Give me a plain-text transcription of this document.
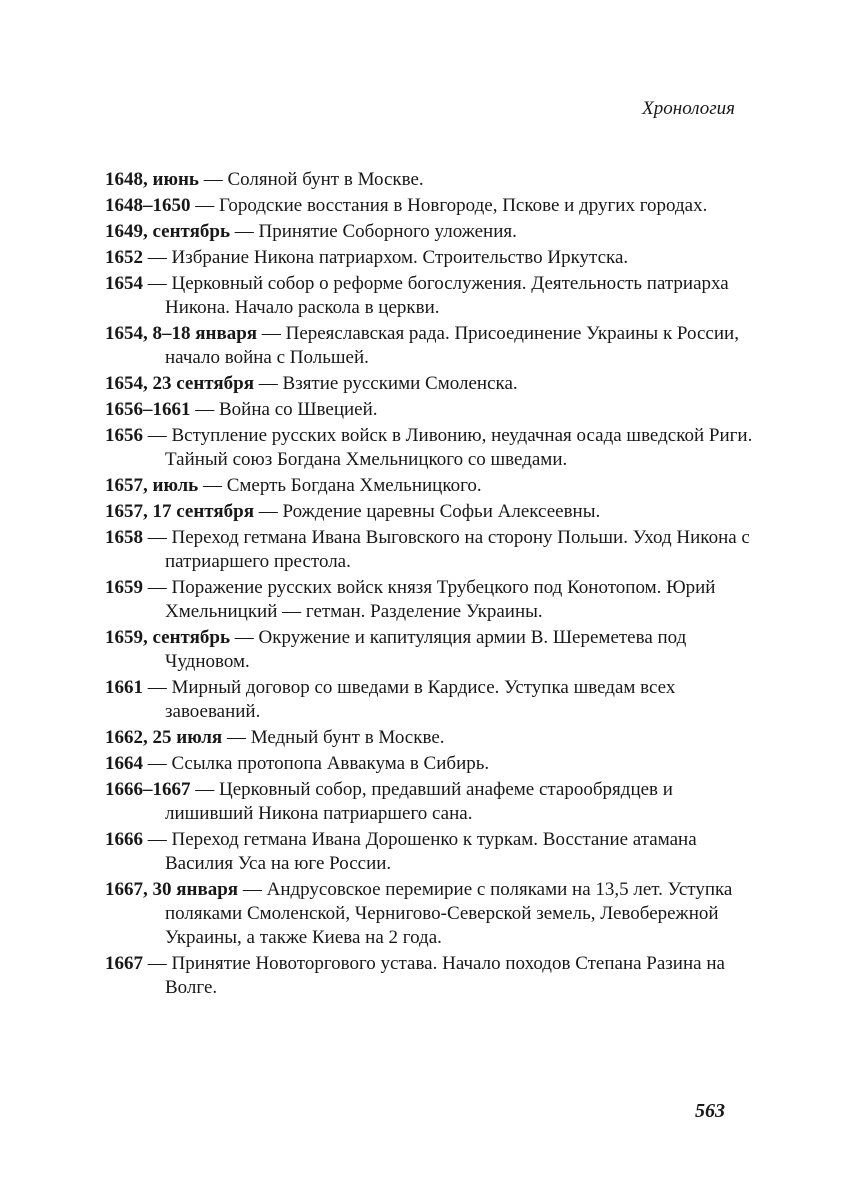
Хронология

1648, июнь — Соляной бунт в Москве.

1648–1650 — Городские восстания в Новгороде, Пскове и других городах.

1649, сентябрь — Принятие Соборного уложения.

1652 — Избрание Никона патриархом. Строительство Иркутска.

1654 — Церковный собор о реформе богослужения. Деятельность патриарха Никона. Начало раскола в церкви.

1654, 8–18 января — Переяславская рада. Присоединение Украины к России, начало война с Польшей.

1654, 23 сентября — Взятие русскими Смоленска.

1656–1661 — Война со Швецией.

1656 — Вступление русских войск в Ливонию, неудачная осада шведской Риги. Тайный союз Богдана Хмельницкого со шведами.

1657, июль — Смерть Богдана Хмельницкого.

1657, 17 сентября — Рождение царевны Софьи Алексеевны.

1658 — Переход гетмана Ивана Выговского на сторону Польши. Уход Никона с патриаршего престола.

1659 — Поражение русских войск князя Трубецкого под Конотопом. Юрий Хмельницкий — гетман. Разделение Украины.

1659, сентябрь — Окружение и капитуляция армии В. Шереметева под Чудновом.

1661 — Мирный договор со шведами в Кардисе. Уступка шведам всех завоеваний.

1662, 25 июля — Медный бунт в Москве.

1664 — Ссылка протопопа Аввакума в Сибирь.

1666–1667 — Церковный собор, предавший анафеме старообрядцев и лишивший Никона патриаршего сана.

1666 — Переход гетмана Ивана Дорошенко к туркам. Восстание атамана Василия Уса на юге России.

1667, 30 января — Андрусовское перемирие с поляками на 13,5 лет. Уступка поляками Смоленской, Чернигово-Северской земель, Левобережной Украины, а также Киева на 2 года.

1667 — Принятие Новоторгового устава. Начало походов Степана Разина на Волге.

563
